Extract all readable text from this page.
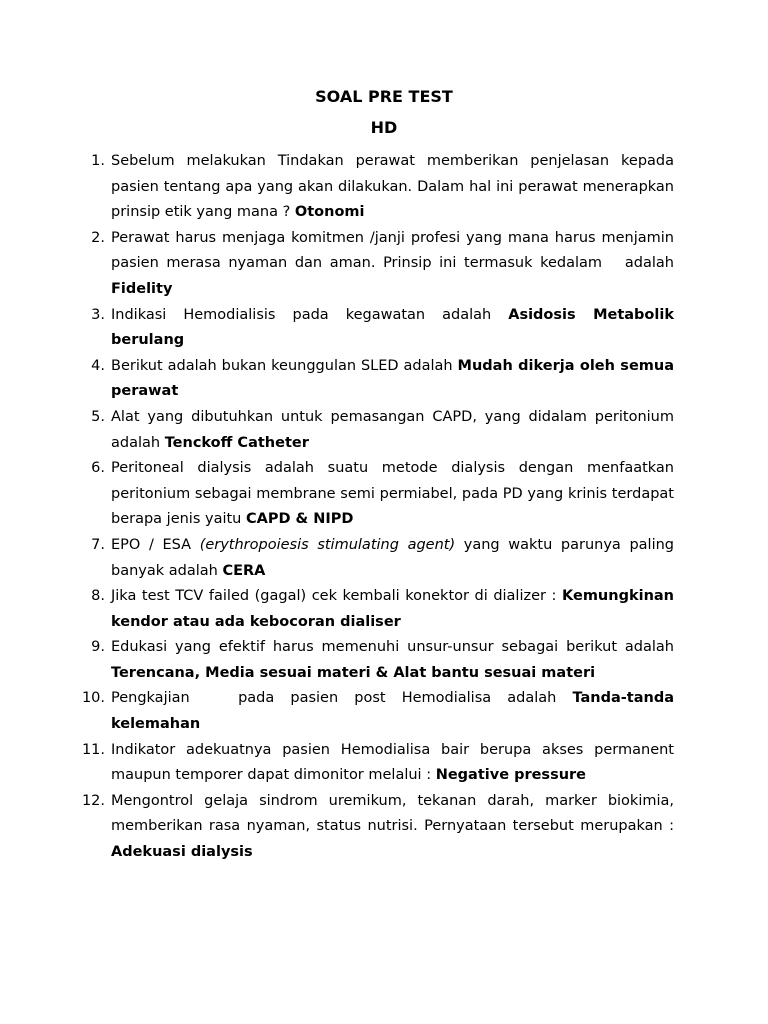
SOAL PRE TEST
HD
1. Sebelum melakukan Tindakan perawat memberikan penjelasan kepada pasien tentang apa yang akan dilakukan. Dalam hal ini perawat menerapkan prinsip etik yang mana ? Otonomi
2. Perawat harus menjaga komitmen /janji profesi yang mana harus menjamin pasien merasa nyaman dan aman. Prinsip ini termasuk kedalam   adalah Fidelity
3. Indikasi Hemodialisis pada kegawatan adalah Asidosis Metabolik berulang
4. Berikut adalah bukan keunggulan SLED adalah Mudah dikerja oleh semua perawat
5. Alat yang dibutuhkan untuk pemasangan CAPD, yang didalam peritonium adalah Tenckoff Catheter
6. Peritoneal dialysis adalah suatu metode dialysis dengan menfaatkan peritonium sebagai membrane semi permiabel, pada PD yang krinis terdapat berapa jenis yaitu CAPD & NIPD
7. EPO / ESA (erythropoiesis stimulating agent) yang waktu parunya paling banyak adalah CERA
8. Jika test TCV failed (gagal) cek kembali konektor di dializer : Kemungkinan kendor atau ada kebocoran dialiser
9. Edukasi yang efektif harus memenuhi unsur-unsur sebagai berikut adalah Terencana, Media sesuai materi & Alat bantu sesuai materi
10. Pengkajian   pada pasien post Hemodialisa adalah Tanda-tanda kelemahan
11. Indikator adekuatnya pasien Hemodialisa bair berupa akses permanent maupun temporer dapat dimonitor melalui : Negative pressure
12. Mengontrol gelaja sindrom uremikum, tekanan darah, marker biokimia, memberikan rasa nyaman, status nutrisi. Pernyataan tersebut merupakan : Adekuasi dialysis
